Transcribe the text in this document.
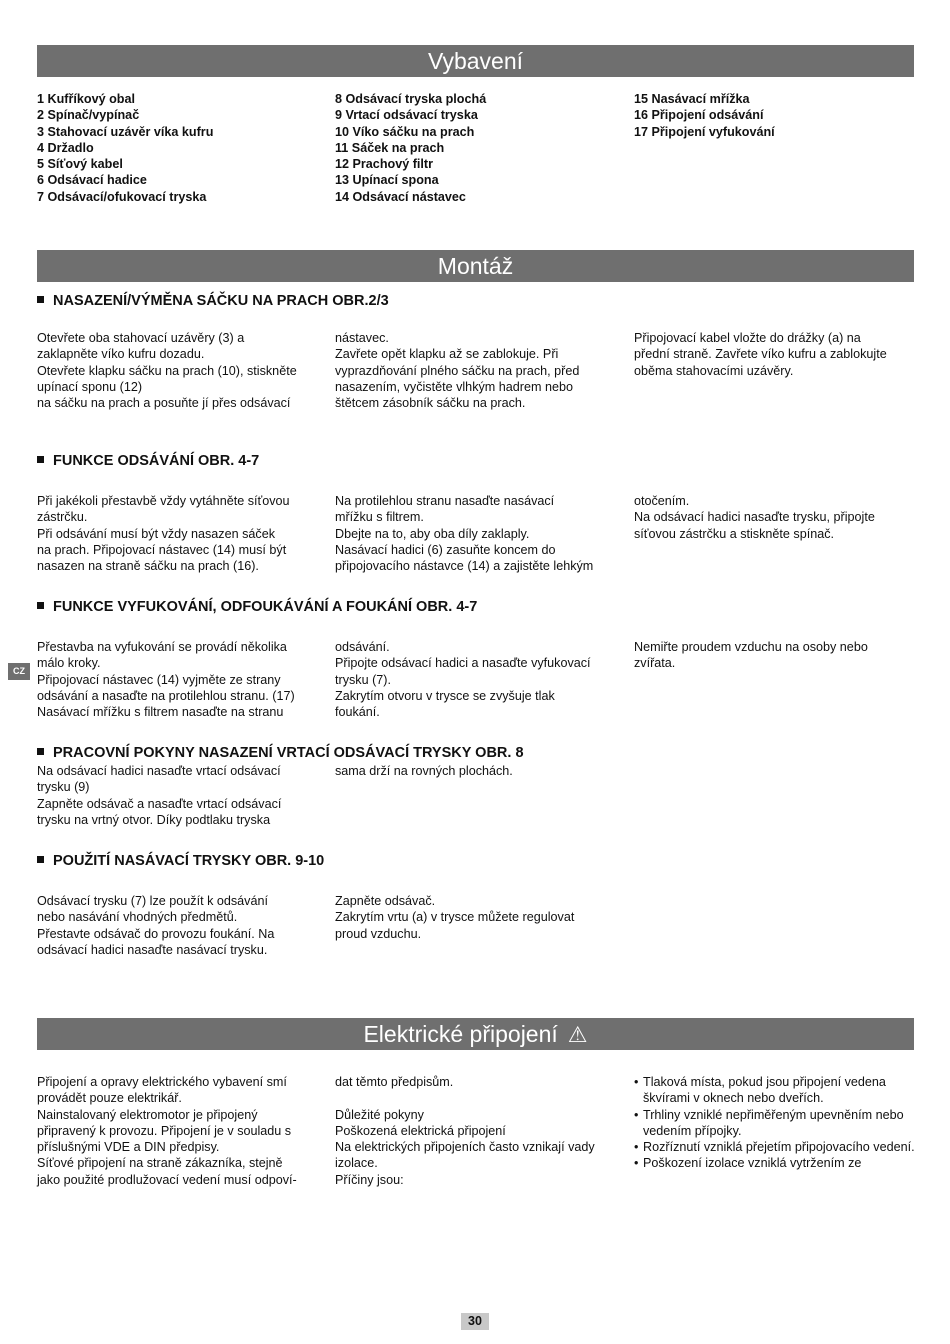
Vybavení
1 Kufříkový obal
2 Spínač/vypínač
3 Stahovací uzávěr víka kufru
4 Držadlo
5 Síťový kabel
6 Odsávací hadice
7 Odsávací/ofukovací tryska
8 Odsávací tryska plochá
9 Vrtací odsávací tryska
10 Víko sáčku na prach
11 Sáček na prach
12 Prachový filtr
13 Upínací spona
14 Odsávací nástavec
15 Nasávací mřížka
16 Připojení odsávání
17 Připojení vyfukování
Montáž
NASAZENÍ/VÝMĚNA SÁČKU NA PRACH OBR.2/3
Otevřete oba stahovací uzávěry (3) a
zaklapněte víko kufru dozadu.
Otevřete klapku sáčku na prach (10), stiskněte
upínací sponu (12)
na sáčku na prach a posuňte jí přes odsávací
nástavec.
Zavřete opět klapku až se zablokuje. Při
vyprazdňování plného sáčku na prach, před
nasazením, vyčistěte vlhkým hadrem nebo
štětcem zásobník sáčku na prach.
Připojovací kabel vložte do drážky (a) na
přední straně. Zavřete víko kufru a zablokujte
oběma stahovacími uzávěry.
FUNKCE ODSÁVÁNÍ OBR. 4-7
Při jakékoli přestavbě vždy vytáhněte síťovou
zástrčku.
Při odsávání musí být vždy nasazen sáček
na prach. Připojovací nástavec (14) musí být
nasazen na straně sáčku na prach (16).
Na protilehlou stranu nasaďte nasávací
mřížku s filtrem.
Dbejte na to, aby oba díly zaklaply.
Nasávací hadici (6) zasuňte koncem do
připojovacího nástavce (14) a zajistěte lehkým
otočením.
Na odsávací hadici nasaďte trysku, připojte
síťovou zástrčku a stiskněte spínač.
FUNKCE VYFUKOVÁNÍ, ODFOUKÁVÁNÍ A FOUKÁNÍ OBR. 4-7
Přestavba na vyfukování se provádí několika
málo kroky.
Připojovací nástavec (14) vyjměte ze strany
odsávání a nasaďte na protilehlou stranu. (17)
Nasávací mřížku s filtrem nasaďte na stranu
odsávání.
Připojte odsávací hadici a nasaďte vyfukovací
trysku (7).
Zakrytím otvoru v trysce se zvyšuje tlak
foukání.
Nemiřte proudem vzduchu na osoby nebo
zvířata.
PRACOVNÍ POKYNY NASAZENÍ VRTACÍ ODSÁVACÍ TRYSKY OBR. 8
Na odsávací hadici nasaďte vrtací odsávací
trysku (9)
Zapněte odsávač a nasaďte vrtací odsávací
trysku na vrtný otvor. Díky podtlaku tryska
sama drží na rovných plochách.
POUŽITÍ NASÁVACÍ TRYSKY OBR. 9-10
Odsávací trysku (7) lze použít k odsávání
nebo nasávání vhodných předmětů.
Přestavte odsávač do provozu foukání. Na
odsávací hadici nasaďte nasávací trysku.
Zapněte odsávač.
Zakrytím vrtu (a) v trysce můžete regulovat
proud vzduchu.
Elektrické připojení ⚠
Připojení a opravy elektrického vybavení smí
provádět pouze elektrikář.
Nainstalovaný elektromotor je připojený
připravený k provozu. Připojení je v souladu s
příslušnými VDE a DIN předpisy.
Síťové připojení na straně zákazníka, stejně
jako použité prodlužovací vedení musí odpoví-
dat těmto předpisům.

Důležité pokyny
Poškozená elektrická připojení
Na elektrických připojeních často vznikají vady
izolace.
Příčiny jsou:
• Tlaková místa, pokud jsou připojení vedena škvírami v oknech nebo dveřích.
• Trhliny vzniklé nepřiměřeným upevněním nebo vedením přípojky.
• Rozříznutí vzniklá přejetím připojovacího vedení.
• Poškození izolace vzniklá vytržením ze
CZ
30
